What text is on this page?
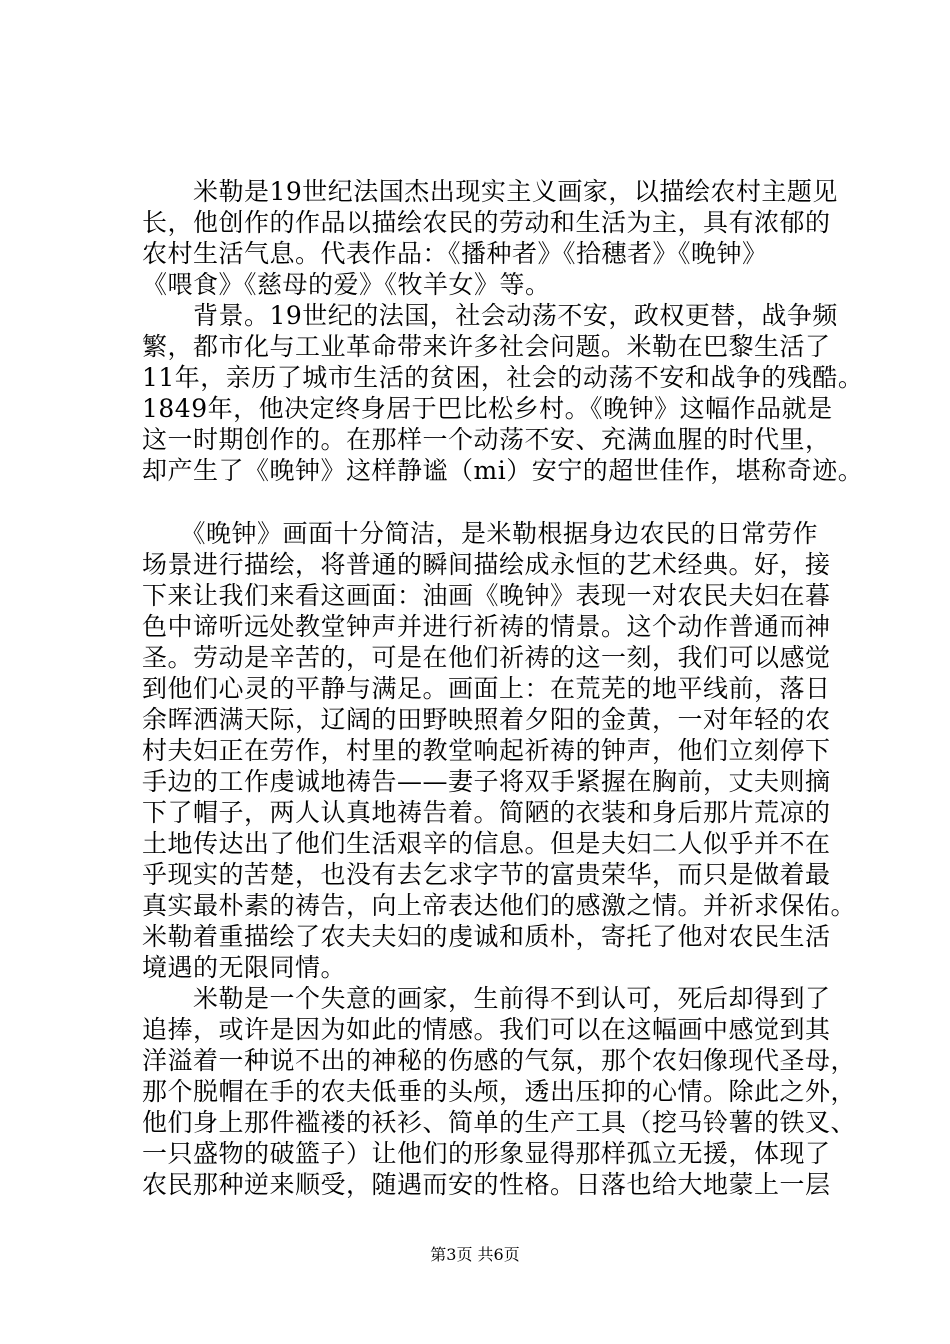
　　米勒是19世纪法国杰出现实主义画家，以描绘农村主题见
长，他创作的作品以描绘农民的劳动和生活为主，具有浓郁的
农村生活气息。代表作品：《播种者》《拾穗者》《晚钟》
《喂食》《慈母的爱》《牧羊女》等。
　　背景。19世纪的法国，社会动荡不安，政权更替，战争频
繁，都市化与工业革命带来许多社会问题。米勒在巴黎生活了
11年，亲历了城市生活的贫困，社会的动荡不安和战争的残酷。
1849年，他决定终身居于巴比松乡村。《晚钟》这幅作品就是
这一时期创作的。在那样一个动荡不安、充满血腥的时代里，
却产生了《晚钟》这样静谧（mi）安宁的超世佳作，堪称奇迹。
　　《晚钟》画面十分简洁，是米勒根据身边农民的日常劳作
场景进行描绘，将普通的瞬间描绘成永恒的艺术经典。好，接
下来让我们来看这画面：油画《晚钟》表现一对农民夫妇在暮
色中谛听远处教堂钟声并进行祈祷的情景。这个动作普通而神
圣。劳动是辛苦的，可是在他们祈祷的这一刻，我们可以感觉
到他们心灵的平静与满足。画面上：在荒芜的地平线前，落日
余晖洒满天际，辽阔的田野映照着夕阳的金黄，一对年轻的农
村夫妇正在劳作，村里的教堂响起祈祷的钟声，他们立刻停下
手边的工作虔诚地祷告——妻子将双手紧握在胸前，丈夫则摘
下了帽子，两人认真地祷告着。简陋的衣装和身后那片荒凉的
土地传达出了他们生活艰辛的信息。但是夫妇二人似乎并不在
乎现实的苦楚，也没有去乞求字节的富贵荣华，而只是做着最
真实最朴素的祷告，向上帝表达他们的感激之情。并祈求保佑。
米勒着重描绘了农夫夫妇的虔诚和质朴，寄托了他对农民生活
境遇的无限同情。
　　米勒是一个失意的画家，生前得不到认可，死后却得到了
追捧，或许是因为如此的情感。我们可以在这幅画中感觉到其
洋溢着一种说不出的神秘的伤感的气氛，那个农妇像现代圣母，
那个脱帽在手的农夫低垂的头颅，透出压抑的心情。除此之外，
他们身上那件褴褛的袄衫、简单的生产工具（挖马铃薯的铁叉、
一只盛物的破篮子）让他们的形象显得那样孤立无援，体现了
农民那种逆来顺受，随遇而安的性格。日落也给大地蒙上一层
第3页 共6页
